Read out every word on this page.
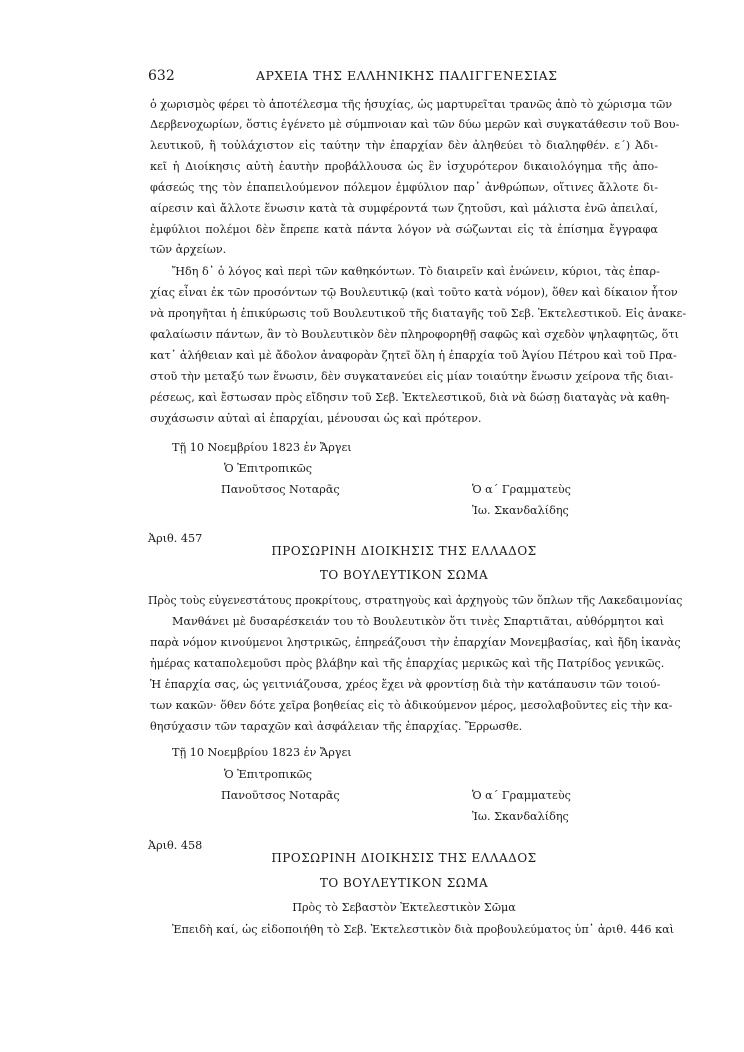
632	ΑΡΧΕΙΑ ΤΗΣ ΕΛΛΗΝΙΚΗΣ ΠΑΛΙΓΓΕΝΕΣΙΑΣ
ὁ χωρισμὸς φέρει τὸ ἀποτέλεσμα τῆς ἡσυχίας, ὡς μαρτυρεῖται τρανῶς ἀπὸ τὸ χώρισμα τῶν
Δερβενοχωρίων, ὅστις ἐγένετο μὲ σύμπνοιαν καὶ τῶν δύω μερῶν καὶ συγκατάθεσιν τοῦ Βου-
λευτικοῦ, ἢ τοὐλάχιστον εἰς ταύτην τὴν ἐπαρχίαν δὲν ἀληθεύει τὸ διαληφθέν. ε΄) Ἀδι-
κεῖ ἡ Διοίκησις αὐτὴ ἑαυτὴν προβάλλουσα ὡς ἓν ἰσχυρότερον δικαιολόγημα τῆς ἀπο-
φάσεώς της τὸν ἐπαπειλούμενον πόλεμον ἐμφύλιον παρ᾽ ἀνθρώπων, οἵτινες ἄλλοτε δι-
αίρεσιν καὶ ἄλλοτε ἕνωσιν κατὰ τὰ συμφέροντά των ζητοῦσι, καὶ μάλιστα ἐνῶ ἀπειλαί,
ἐμφύλιοι πολέμοι δὲν ἔπρεπε κατὰ πάντα λόγον νὰ σώζωνται εἰς τὰ ἐπίσημα ἔγγραφα
τῶν ἀρχείων.
Ἤδη δ᾽ ὁ λόγος καὶ περὶ τῶν καθηκόντων. Τὸ διαιρεῖν καὶ ἑνώνειν, κύριοι, τὰς ἐπαρ-
χίας εἶναι ἐκ τῶν προσόντων τῷ Βουλευτικῷ (καὶ τοῦτο κατὰ νόμον), ὅθεν καὶ δίκαιον ἦτον
νὰ προηγῆται ἡ ἐπικύρωσις τοῦ Βουλευτικοῦ τῆς διαταγῆς τοῦ Σεβ. Ἐκτελεστικοῦ. Εἰς ἀνακε-
φαλαίωσιν πάντων, ἂν τὸ Βουλευτικὸν δὲν πληροφορηθῇ σαφῶς καὶ σχεδὸν ψηλαφητῶς, ὅτι
κατ᾽ ἀλήθειαν καὶ μὲ ἄδολον ἀναφορὰν ζητεῖ ὅλη ἡ ἐπαρχία τοῦ Ἁγίου Πέτρου καὶ τοῦ Πρα-
στοῦ τὴν μεταξύ των ἕνωσιν, δὲν συγκατανεύει εἰς μίαν τοιαύτην ἕνωσιν χείρονα τῆς διαι-
ρέσεως, καὶ ἔστωσαν πρὸς εἴδησιν τοῦ Σεβ. Ἐκτελεστικοῦ, διὰ νὰ δώσῃ διαταγὰς νὰ καθη-
συχάσωσιν αὐταὶ αἱ ἐπαρχίαι, μένουσαι ὡς καὶ πρότερον.
Τῇ 10 Νοεμβρίου 1823 ἐν Ἄργει
Ὁ Ἐπιτροπικῶς
Πανοῦτσος Νοταρᾶς	Ὁ α΄ Γραμματεὺς
Ἰω. Σκανδαλίδης
Ἀριθ. 457
ΠΡΟΣΩΡΙΝΗ ΔΙΟΙΚΗΣΙΣ ΤΗΣ ΕΛΛΑΔΟΣ
ΤΟ ΒΟΥΛΕΥΤΙΚΟΝ ΣΩΜΑ
Πρὸς τοὺς εὐγενεστάτους προκρίτους, στρατηγοὺς καὶ ἀρχηγοὺς τῶν ὅπλων τῆς Λακεδαιμονίας
Μανθάνει μὲ δυσαρέσκειάν του τὸ Βουλευτικὸν ὅτι τινὲς Σπαρτιᾶται, αὐθόρμητοι καὶ
παρὰ νόμον κινούμενοι ληστρικῶς, ἐπηρεάζουσι τὴν ἐπαρχίαν Μονεμβασίας, καὶ ἤδη ἱκανὰς
ἡμέρας καταπολεμοῦσι πρὸς βλάβην καὶ τῆς ἐπαρχίας μερικῶς καὶ τῆς Πατρίδος γενικῶς.
Ἡ ἐπαρχία σας, ὡς γειτνιάζουσα, χρέος ἔχει νὰ φροντίσῃ διὰ τὴν κατάπαυσιν τῶν τοιού-
των κακῶν· ὅθεν δότε χεῖρα βοηθείας εἰς τὸ ἀδικούμενον μέρος, μεσολαβοῦντες εἰς τὴν κα-
θησύχασιν τῶν ταραχῶν καὶ ἀσφάλειαν τῆς ἐπαρχίας. Ἔρρωσθε.
Τῇ 10 Νοεμβρίου 1823 ἐν Ἄργει
Ὁ Ἐπιτροπικῶς
Πανοῦτσος Νοταρᾶς	Ὁ α΄ Γραμματεὺς
Ἰω. Σκανδαλίδης
Ἀριθ. 458
ΠΡΟΣΩΡΙΝΗ ΔΙΟΙΚΗΣΙΣ ΤΗΣ ΕΛΛΑΔΟΣ
ΤΟ ΒΟΥΛΕΥΤΙΚΟΝ ΣΩΜΑ
Πρὸς τὸ Σεβαστὸν Ἐκτελεστικὸν Σῶμα
Ἐπειδὴ καί, ὡς εἰδοποιήθη τὸ Σεβ. Ἐκτελεστικὸν διὰ προβουλεύματος ὑπ᾽ ἀριθ. 446 καὶ
